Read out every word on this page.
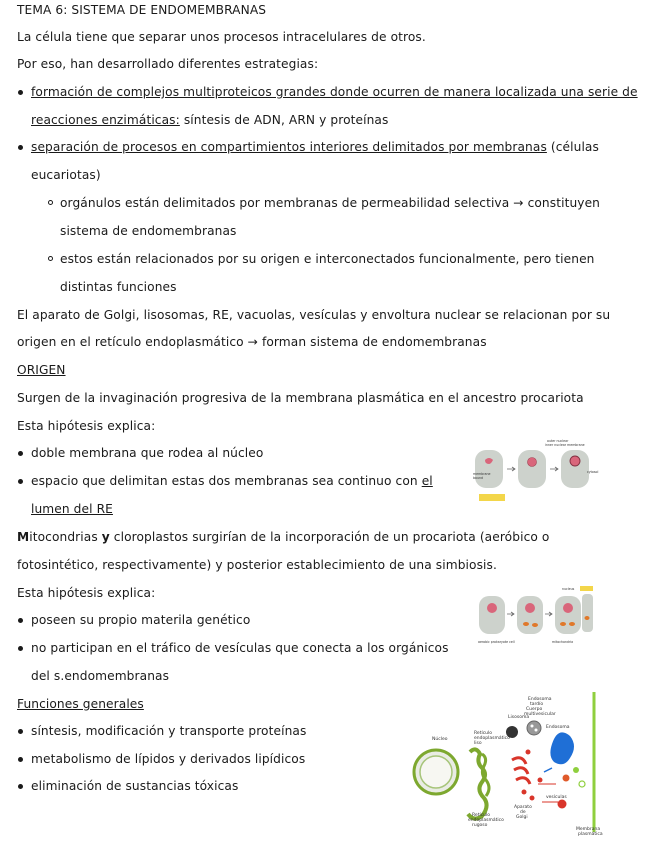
TEMA 6: SISTEMA DE ENDOMEMBRANAS
La célula tiene que separar unos procesos intracelulares de otros.
Por eso, han desarrollado diferentes estrategias:
formación de complejos multiproteicos grandes donde ocurren de manera localizada una serie de
reacciones enzimáticas: síntesis de ADN, ARN y proteínas
separación de procesos en compartimientos interiores delimitados por membranas (células
eucariotas)
orgánulos están delimitados por membranas de permeabilidad selectiva → constituyen
sistema de endomembranas
estos están relacionados por su origen e interconectados funcionalmente, pero tienen
distintas funciones
El aparato de Golgi, lisosomas, RE, vacuolas, vesículas y envoltura nuclear se relacionan por su
origen en el retículo endoplasmático → forman sistema de endomembranas
ORIGEN
Surgen de la invaginación progresiva de la membrana plasmática en el ancestro procariota
Esta hipótesis explica:
doble membrana que rodea al núcleo
espacio que delimitan estas dos membranas sea continuo con el
lumen del RE
membrane
bound
inner nuclear membrane
outer nuclear
cytosol
Mitocondrias y cloroplastos surgirían de la incorporación de un procariota (aeróbico o
fotosintético, respectivamente) y posterior establecimiento de una simbiosis.
Esta hipótesis explica:
poseen su propio materila genético
no participan en el tráfico de vesículas que conecta a los orgánicos
del s.endomembranas
aerobic prokaryote cell	mitochondria
nucleus
Funciones generales
síntesis, modificación y transporte proteínas
metabolismo de lípidos y derivados lipídicos
eliminación de sustancias tóxicas
Núcleo
Retículo endoplasmático liso
Lisosoma
Endosoma tardío Cuerpo multivesicular
Endosoma
vesículas
Aparato de Golgi
Retículo endoplasmático rugoso
Membrana plasmática
